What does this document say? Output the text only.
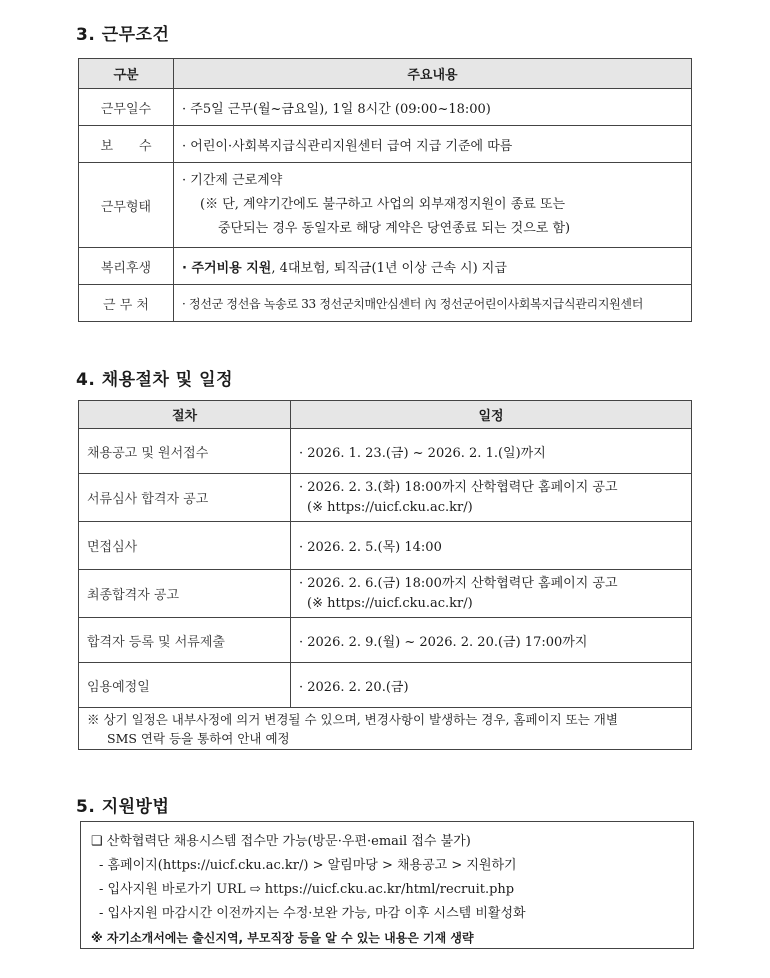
3. 근무조건
구분	주요내용
근무일수	· 주5일 근무(월~금요일), 1일 8시간 (09:00~18:00)

보　　수	· 어린이·사회복지급식관리지원센터 급여 지급 기준에 따름

근무형태	· 기간제 근로계약
(※ 단, 계약기간에도 불구하고 사업의 외부재정지원이 종료 또는
중단되는 경우 동일자로 해당 계약은 당연종료 되는 것으로 함)

복리후생	· 주거비용 지원, 4대보험, 퇴직금(1년 이상 근속 시) 지급
근 무 처	· 정선군 정선읍 녹송로 33 정선군치매안심센터 內 정선군어린이사회복지급식관리지원센터
4. 채용절차 및 일정
절차	일정
채용공고 및 원서접수	· 2026. 1. 23.(금) ~ 2026. 2. 1.(일)까지

서류심사 합격자 공고	· 2026. 2. 3.(화) 18:00까지 산학협력단 홈페이지 공고
(※ https://uicf.cku.ac.kr/)

면접심사	· 2026. 2. 5.(목) 14:00

최종합격자 공고	· 2026. 2. 6.(금) 18:00까지 산학협력단 홈페이지 공고
(※ https://uicf.cku.ac.kr/)

합격자 등록 및 서류제출	· 2026. 2. 9.(월) ~ 2026. 2. 20.(금) 17:00까지

임용예정일	· 2026. 2. 20.(금)

※ 상기 일정은 내부사정에 의거 변경될 수 있으며, 변경사항이 발생하는 경우, 홈페이지 또는 개별
SMS 연락 등을 통하여 안내 예정	
5. 지원방법
❑ 산학협력단 채용시스템 접수만 가능(방문·우편·email 접수 불가)
- 홈페이지(https://uicf.cku.ac.kr/) > 알림마당 > 채용공고 > 지원하기
- 입사지원 바로가기 URL ⇨ https://uicf.cku.ac.kr/html/recruit.php
- 입사지원 마감시간 이전까지는 수정·보완 가능, 마감 이후 시스템 비활성화
※ 자기소개서에는 출신지역, 부모직장 등을 알 수 있는 내용은 기재 생략
